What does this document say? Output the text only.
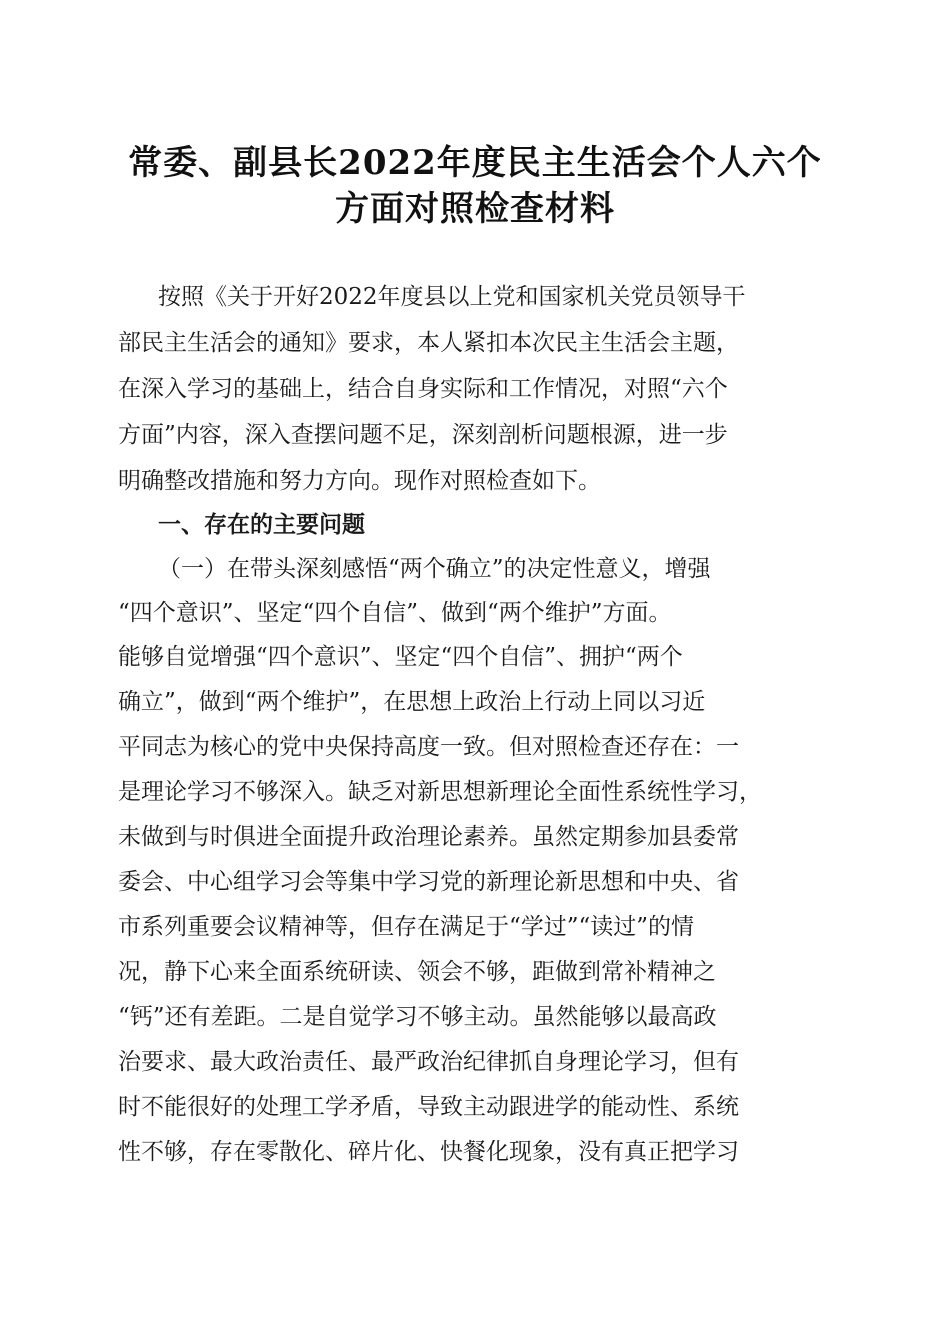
常委、副县长2022年度民主生活会个人六个
方面对照检查材料
按照《关于开好2022年度县以上党和国家机关党员领导干
部民主生活会的通知》要求，本人紧扣本次民主生活会主题，
在深入学习的基础上，结合自身实际和工作情况，对照“六个
方面”内容，深入查摆问题不足，深刻剖析问题根源，进一步
明确整改措施和努力方向。现作对照检查如下。
一、存在的主要问题
（一）在带头深刻感悟“两个确立”的决定性意义，增强
“四个意识”、坚定“四个自信”、做到“两个维护”方面。
能够自觉增强“四个意识”、坚定“四个自信”、拥护“两个
确立”，做到“两个维护”，在思想上政治上行动上同以习近
平同志为核心的党中央保持高度一致。但对照检查还存在：一
是理论学习不够深入。缺乏对新思想新理论全面性系统性学习，
未做到与时俱进全面提升政治理论素养。虽然定期参加县委常
委会、中心组学习会等集中学习党的新理论新思想和中央、省
市系列重要会议精神等，但存在满足于“学过”“读过”的情
况，静下心来全面系统研读、领会不够，距做到常补精神之
“钙”还有差距。二是自觉学习不够主动。虽然能够以最高政
治要求、最大政治责任、最严政治纪律抓自身理论学习，但有
时不能很好的处理工学矛盾，导致主动跟进学的能动性、系统
性不够，存在零散化、碎片化、快餐化现象，没有真正把学习
